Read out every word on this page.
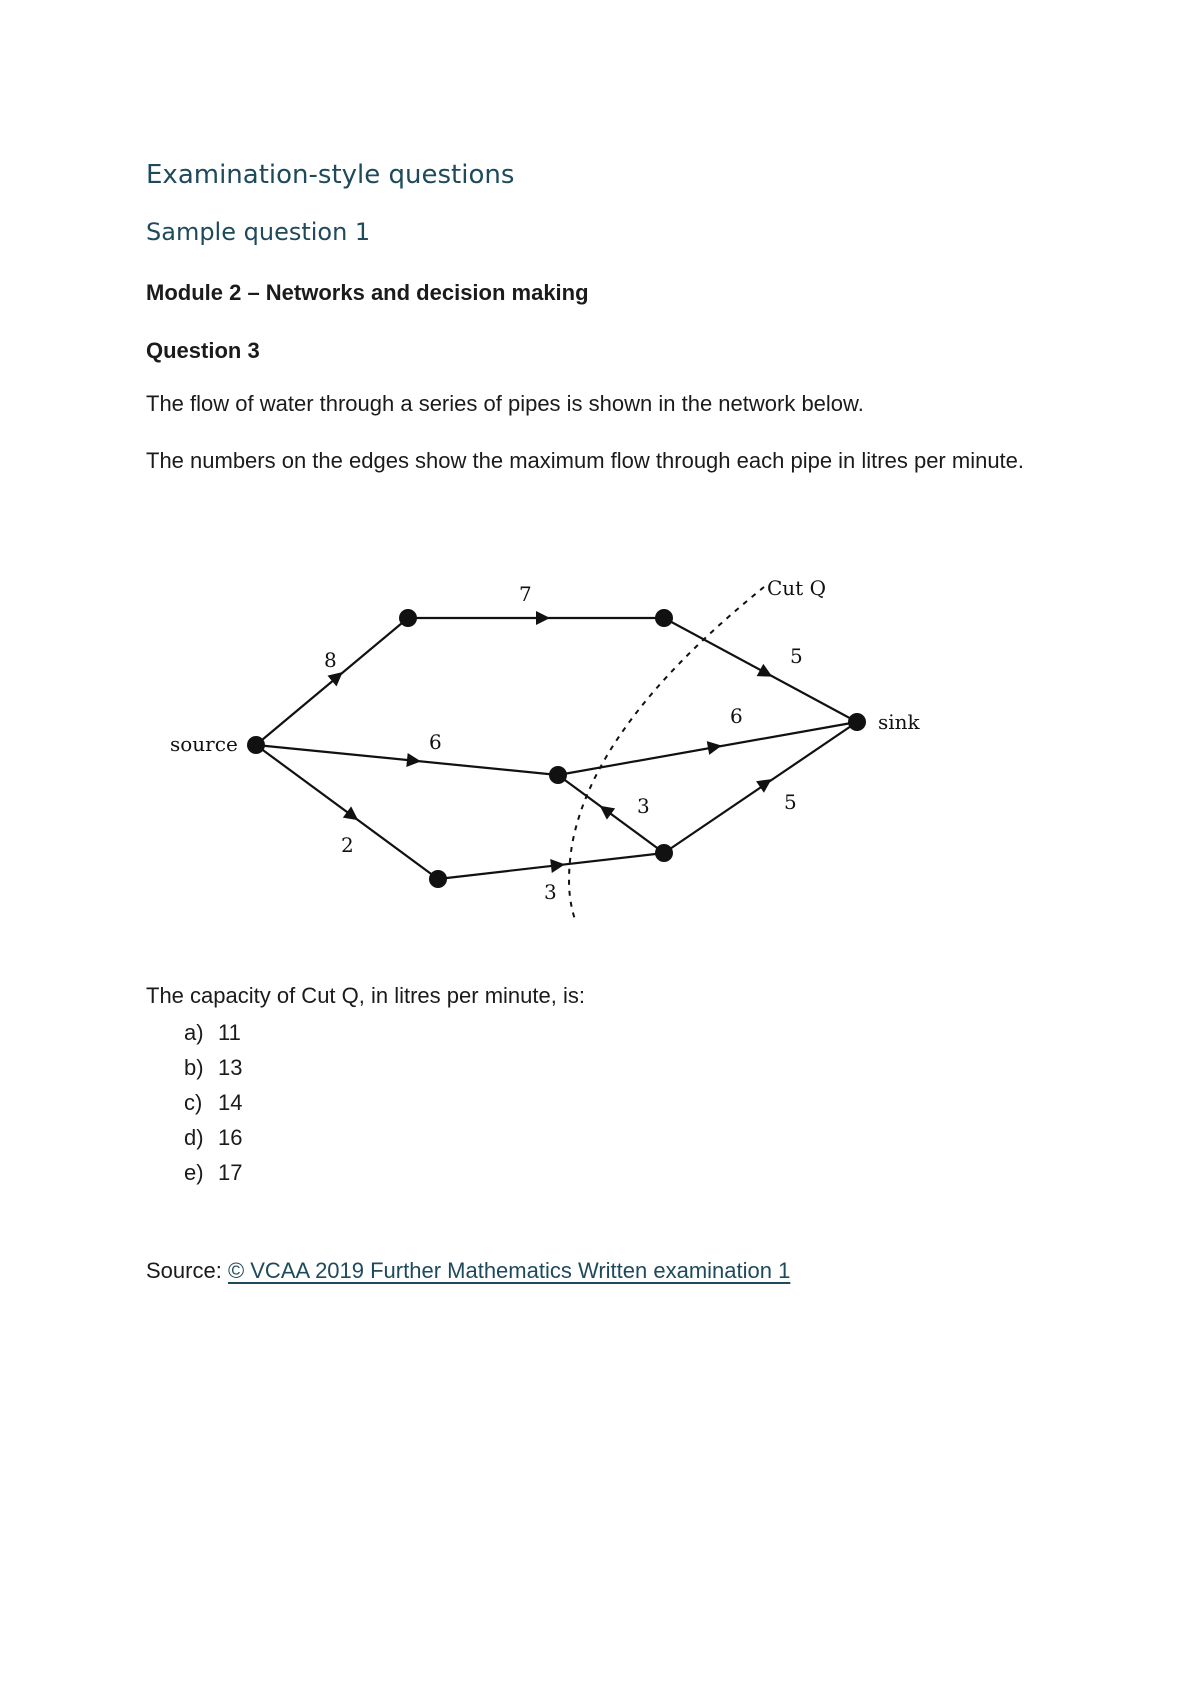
Examination-style questions
Sample question 1
Module 2 – Networks and decision making
Question 3
The flow of water through a series of pipes is shown in the network below.
The numbers on the edges show the maximum flow through each pipe in litres per minute.
source
sink
Cut Q
8
7
5
6
6
3	5
2
3
The capacity of Cut Q, in litres per minute, is:
a) 11
b) 13
c) 14
d) 16
e) 17
Source: © VCAA 2019 Further Mathematics Written examination 1
